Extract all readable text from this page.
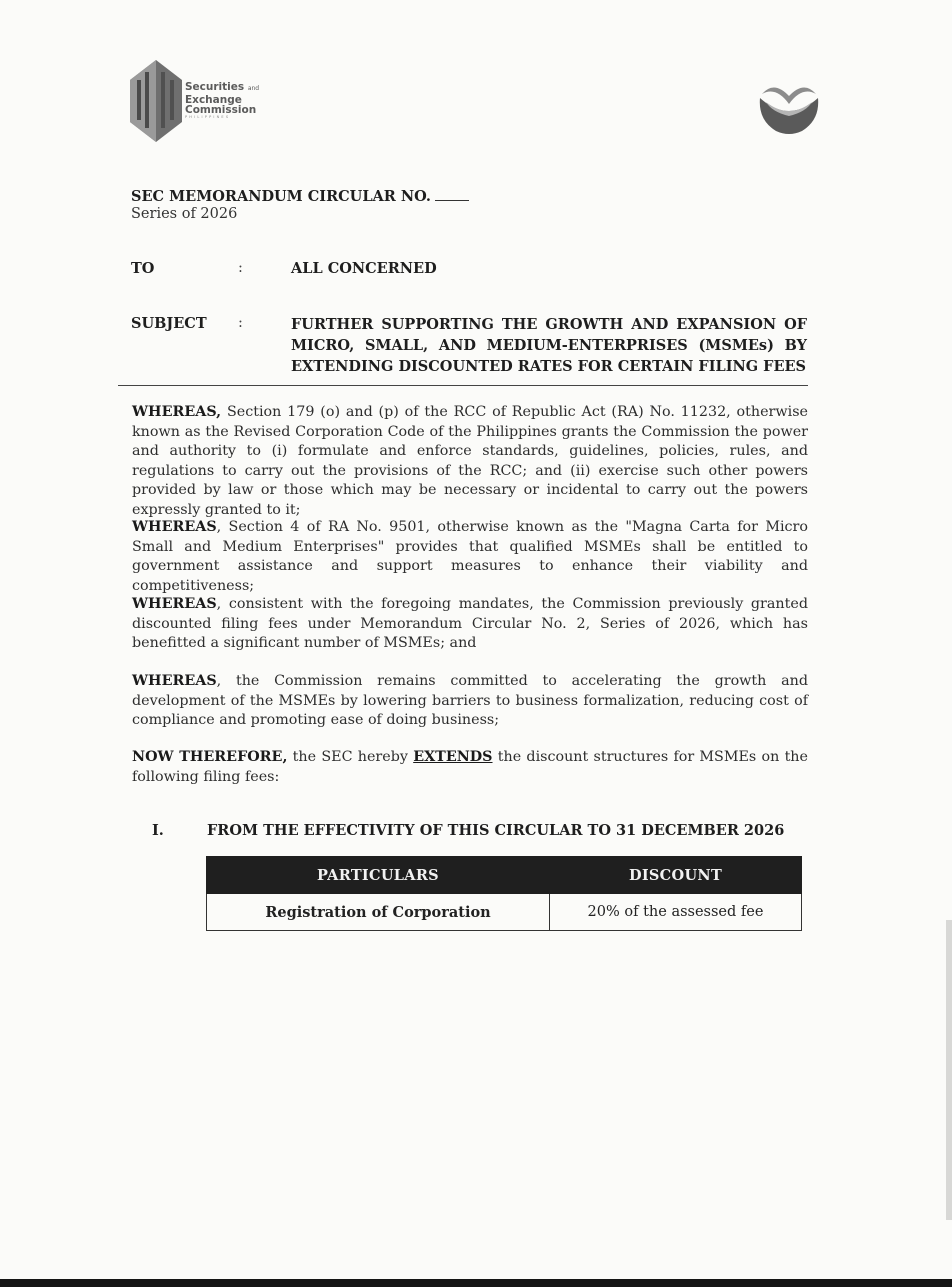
Securities and
Exchange
Commission
PHILIPPINES
SEC MEMORANDUM CIRCULAR NO.
Series of 2026
TO	:	ALL CONCERNED
SUBJECT :	FURTHER SUPPORTING THE GROWTH AND EXPANSION OF MICRO, SMALL, AND MEDIUM-ENTERPRISES (MSMEs) BY EXTENDING DISCOUNTED RATES FOR CERTAIN FILING FEES
WHEREAS, Section 179 (o) and (p) of the RCC of Republic Act (RA) No. 11232, otherwise known as the Revised Corporation Code of the Philippines grants the Commission the power and authority to (i) formulate and enforce standards, guidelines, policies, rules, and regulations to carry out the provisions of the RCC; and (ii) exercise such other powers provided by law or those which may be necessary or incidental to carry out the powers expressly granted to it;
WHEREAS, Section 4 of RA No. 9501, otherwise known as the "Magna Carta for Micro Small and Medium Enterprises" provides that qualified MSMEs shall be entitled to government assistance and support measures to enhance their viability and competitiveness;
WHEREAS, consistent with the foregoing mandates, the Commission previously granted discounted filing fees under Memorandum Circular No. 2, Series of 2026, which has benefitted a significant number of MSMEs; and
WHEREAS, the Commission remains committed to accelerating the growth and development of the MSMEs by lowering barriers to business formalization, reducing cost of compliance and promoting ease of doing business;
NOW THEREFORE, the SEC hereby EXTENDS the discount structures for MSMEs on the following filing fees:
I.	FROM THE EFFECTIVITY OF THIS CIRCULAR TO 31 DECEMBER 2026
PARTICULARS	DISCOUNT
Registration of Corporation	20% of the assessed fee
